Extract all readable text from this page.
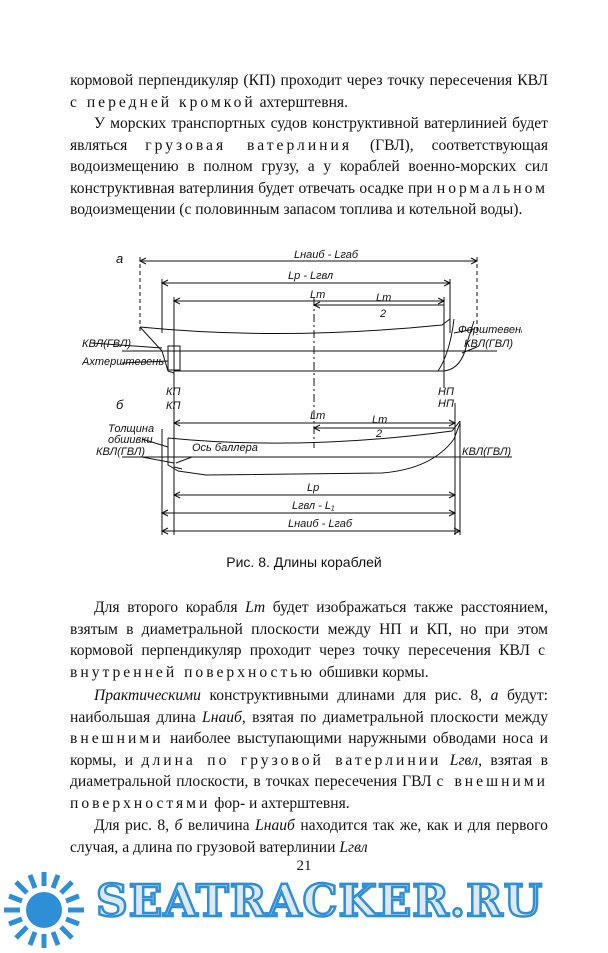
кормовой перпендикуляр (КП) проходит через точку пересечения КВЛ с передней кромкой ахтерштевня.

У морских транспортных судов конструктивной ватерлинией будет являться грузовая ватерлиния (ГВЛ), соответствующая водоизмещению в полном грузу, а у кораблей военно-морских сил конструктивная ватерлиния будет отвечать осадке при нормальном водоизмещении (с половинным запасом топлива и котельной воды).

а	Lнаиб - Lгаб
Lр - Lгвл
Lт	Lт
2
КВЛ(ГВЛ)
Ахтерштевень
Форштевень
КВЛ(ГВЛ)
КП	НП
б	КП	НП
Lт	Lт
2
Толщина
обшивки
КВЛ(ГВЛ)	Ось баллера	КВЛ(ГВЛ)
Lр
Lгвл - L₁
Lнаиб - Lгаб
Рис. 8. Длины кораблей

Для второго корабля Lт будет изображаться также расстоянием, взятым в диаметральной плоскости между НП и КП, но при этом кормовой перпендикуляр проходит через точку пересечения КВЛ с внутренней поверхностью обшивки кормы.

Практическими конструктивными длинами для рис. 8, а будут: наибольшая длина Lнаиб, взятая по диаметральной плоскости между внешними наиболее выступающими наружными обводами носа и кормы, и длина по грузовой ватерлинии Lгвл, взятая в диаметральной плоскости, в точках пересечения ГВЛ с внешними поверхностями фор- и ахтерштевня.

Для рис. 8, б величина Lнаиб находится так же, как и для первого случая, а длина по грузовой ватерлинии Lгвл

21
SEATRACKER.RU
